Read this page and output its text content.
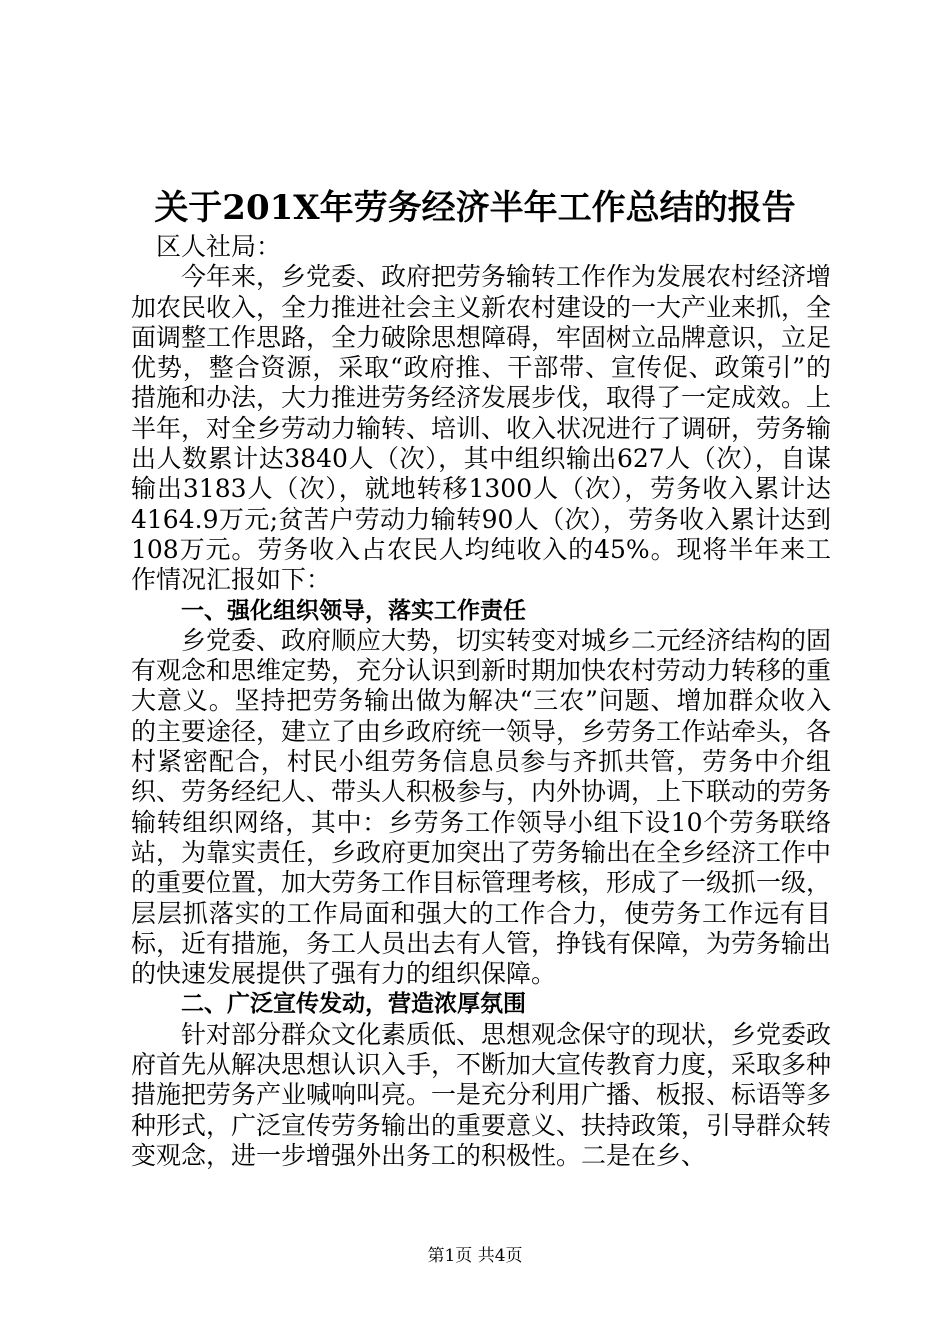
关于201X年劳务经济半年工作总结的报告

区人社局：

今年来，乡党委、政府把劳务输转工作作为发展农村经济增加农民收入，全力推进社会主义新农村建设的一大产业来抓，全面调整工作思路，全力破除思想障碍，牢固树立品牌意识，立足优势，整合资源，采取“政府推、干部带、宣传促、政策引”的措施和办法，大力推进劳务经济发展步伐，取得了一定成效。上半年，对全乡劳动力输转、培训、收入状况进行了调研，劳务输出人数累计达3840人（次），其中组织输出627人（次），自谋输出3183人（次），就地转移1300人（次），劳务收入累计达4164.9万元;贫苦户劳动力输转90人（次），劳务收入累计达到108万元。劳务收入占农民人均纯收入的45%。现将半年来工作情况汇报如下：

一、强化组织领导，落实工作责任

乡党委、政府顺应大势，切实转变对城乡二元经济结构的固有观念和思维定势，充分认识到新时期加快农村劳动力转移的重大意义。坚持把劳务输出做为解决“三农”问题、增加群众收入的主要途径，建立了由乡政府统一领导，乡劳务工作站牵头，各村紧密配合，村民小组劳务信息员参与齐抓共管，劳务中介组织、劳务经纪人、带头人积极参与，内外协调，上下联动的劳务输转组织网络，其中：乡劳务工作领导小组下设10个劳务联络站，为靠实责任，乡政府更加突出了劳务输出在全乡经济工作中的重要位置，加大劳务工作目标管理考核，形成了一级抓一级，层层抓落实的工作局面和强大的工作合力，使劳务工作远有目标，近有措施，务工人员出去有人管，挣钱有保障，为劳务输出的快速发展提供了强有力的组织保障。

二、广泛宣传发动，营造浓厚氛围

针对部分群众文化素质低、思想观念保守的现状，乡党委政府首先从解决思想认识入手，不断加大宣传教育力度，采取多种措施把劳务产业喊响叫亮。一是充分利用广播、板报、标语等多种形式，广泛宣传劳务输出的重要意义、扶持政策，引导群众转变观念，进一步增强外出务工的积极性。二是在乡、

第1页 共4页
